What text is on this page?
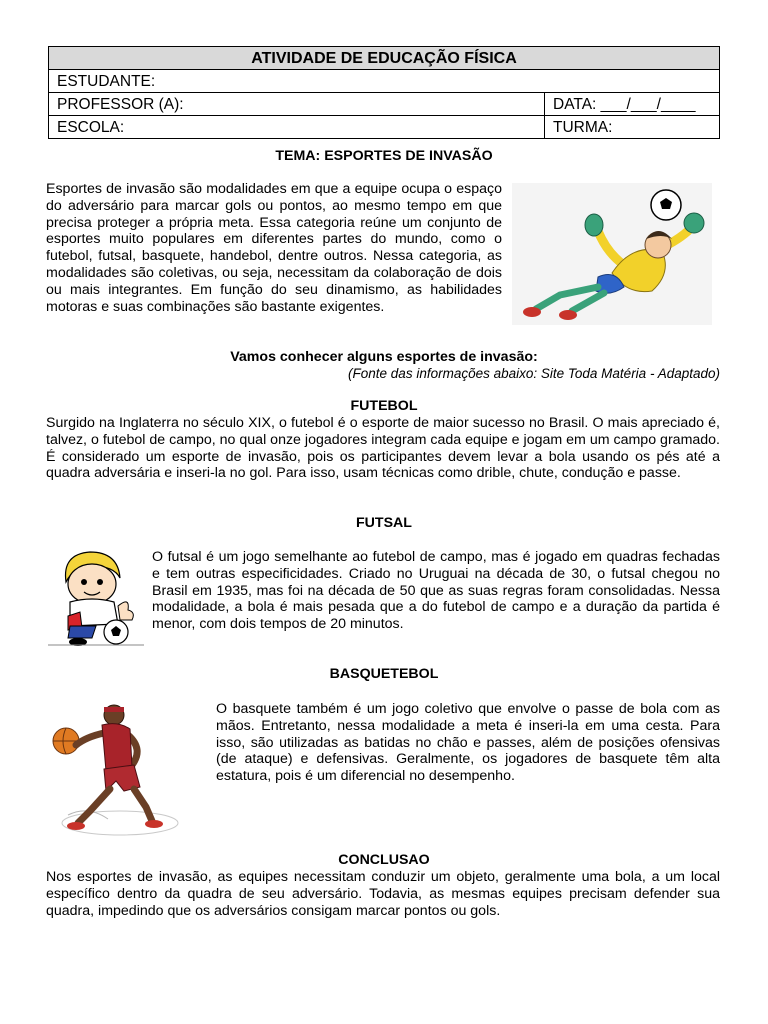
ATIVIDADE DE EDUCAÇÃO FÍSICA	
ESTUDANTE:	
PROFESSOR (A):	DATA: ___/___/____
ESCOLA:	TURMA:
TEMA: ESPORTES DE INVASÃO

Esportes de invasão são modalidades em que a equipe ocupa o espaço do adversário para marcar gols ou pontos, ao mesmo tempo em que precisa proteger a própria meta. Essa categoria reúne um conjunto de esportes muito populares em diferentes partes do mundo, como o futebol, futsal, basquete, handebol, dentre outros. Nessa categoria, as modalidades são coletivas, ou seja, necessitam da colaboração de dois ou mais integrantes. Em função do seu dinamismo, as habilidades motoras e suas combinações são bastante exigentes.

Vamos conhecer alguns esportes de invasão:
(Fonte das informações abaixo: Site Toda Matéria - Adaptado)
FUTEBOL

Surgido na Inglaterra no século XIX, o futebol é o esporte de maior sucesso no Brasil. O mais apreciado é, talvez, o futebol de campo, no qual onze jogadores integram cada equipe e jogam em um campo gramado. É considerado um esporte de invasão, pois os participantes devem levar a bola usando os pés até a quadra adversária e inseri-la no gol. Para isso, usam técnicas como drible, chute, condução e passe.

FUTSAL

O futsal é um jogo semelhante ao futebol de campo, mas é jogado em quadras fechadas e tem outras especificidades. Criado no Uruguai na década de 30, o futsal chegou no Brasil em 1935, mas foi na década de 50 que as suas regras foram consolidadas. Nessa modalidade, a bola é mais pesada que a do futebol de campo e a duração da partida é menor, com dois tempos de 20 minutos.

BASQUETEBOL

O basquete também é um jogo coletivo que envolve o passe de bola com as mãos. Entretanto, nessa modalidade a meta é inseri-la em uma cesta. Para isso, são utilizadas as batidas no chão e passes, além de posições ofensivas (de ataque) e defensivas. Geralmente, os jogadores de basquete têm alta estatura, pois é um diferencial no desempenho.

CONCLUSAO

Nos esportes de invasão, as equipes necessitam conduzir um objeto, geralmente uma bola, a um local específico dentro da quadra de seu adversário. Todavia, as mesmas equipes precisam defender sua quadra, impedindo que os adversários consigam marcar pontos ou gols.
